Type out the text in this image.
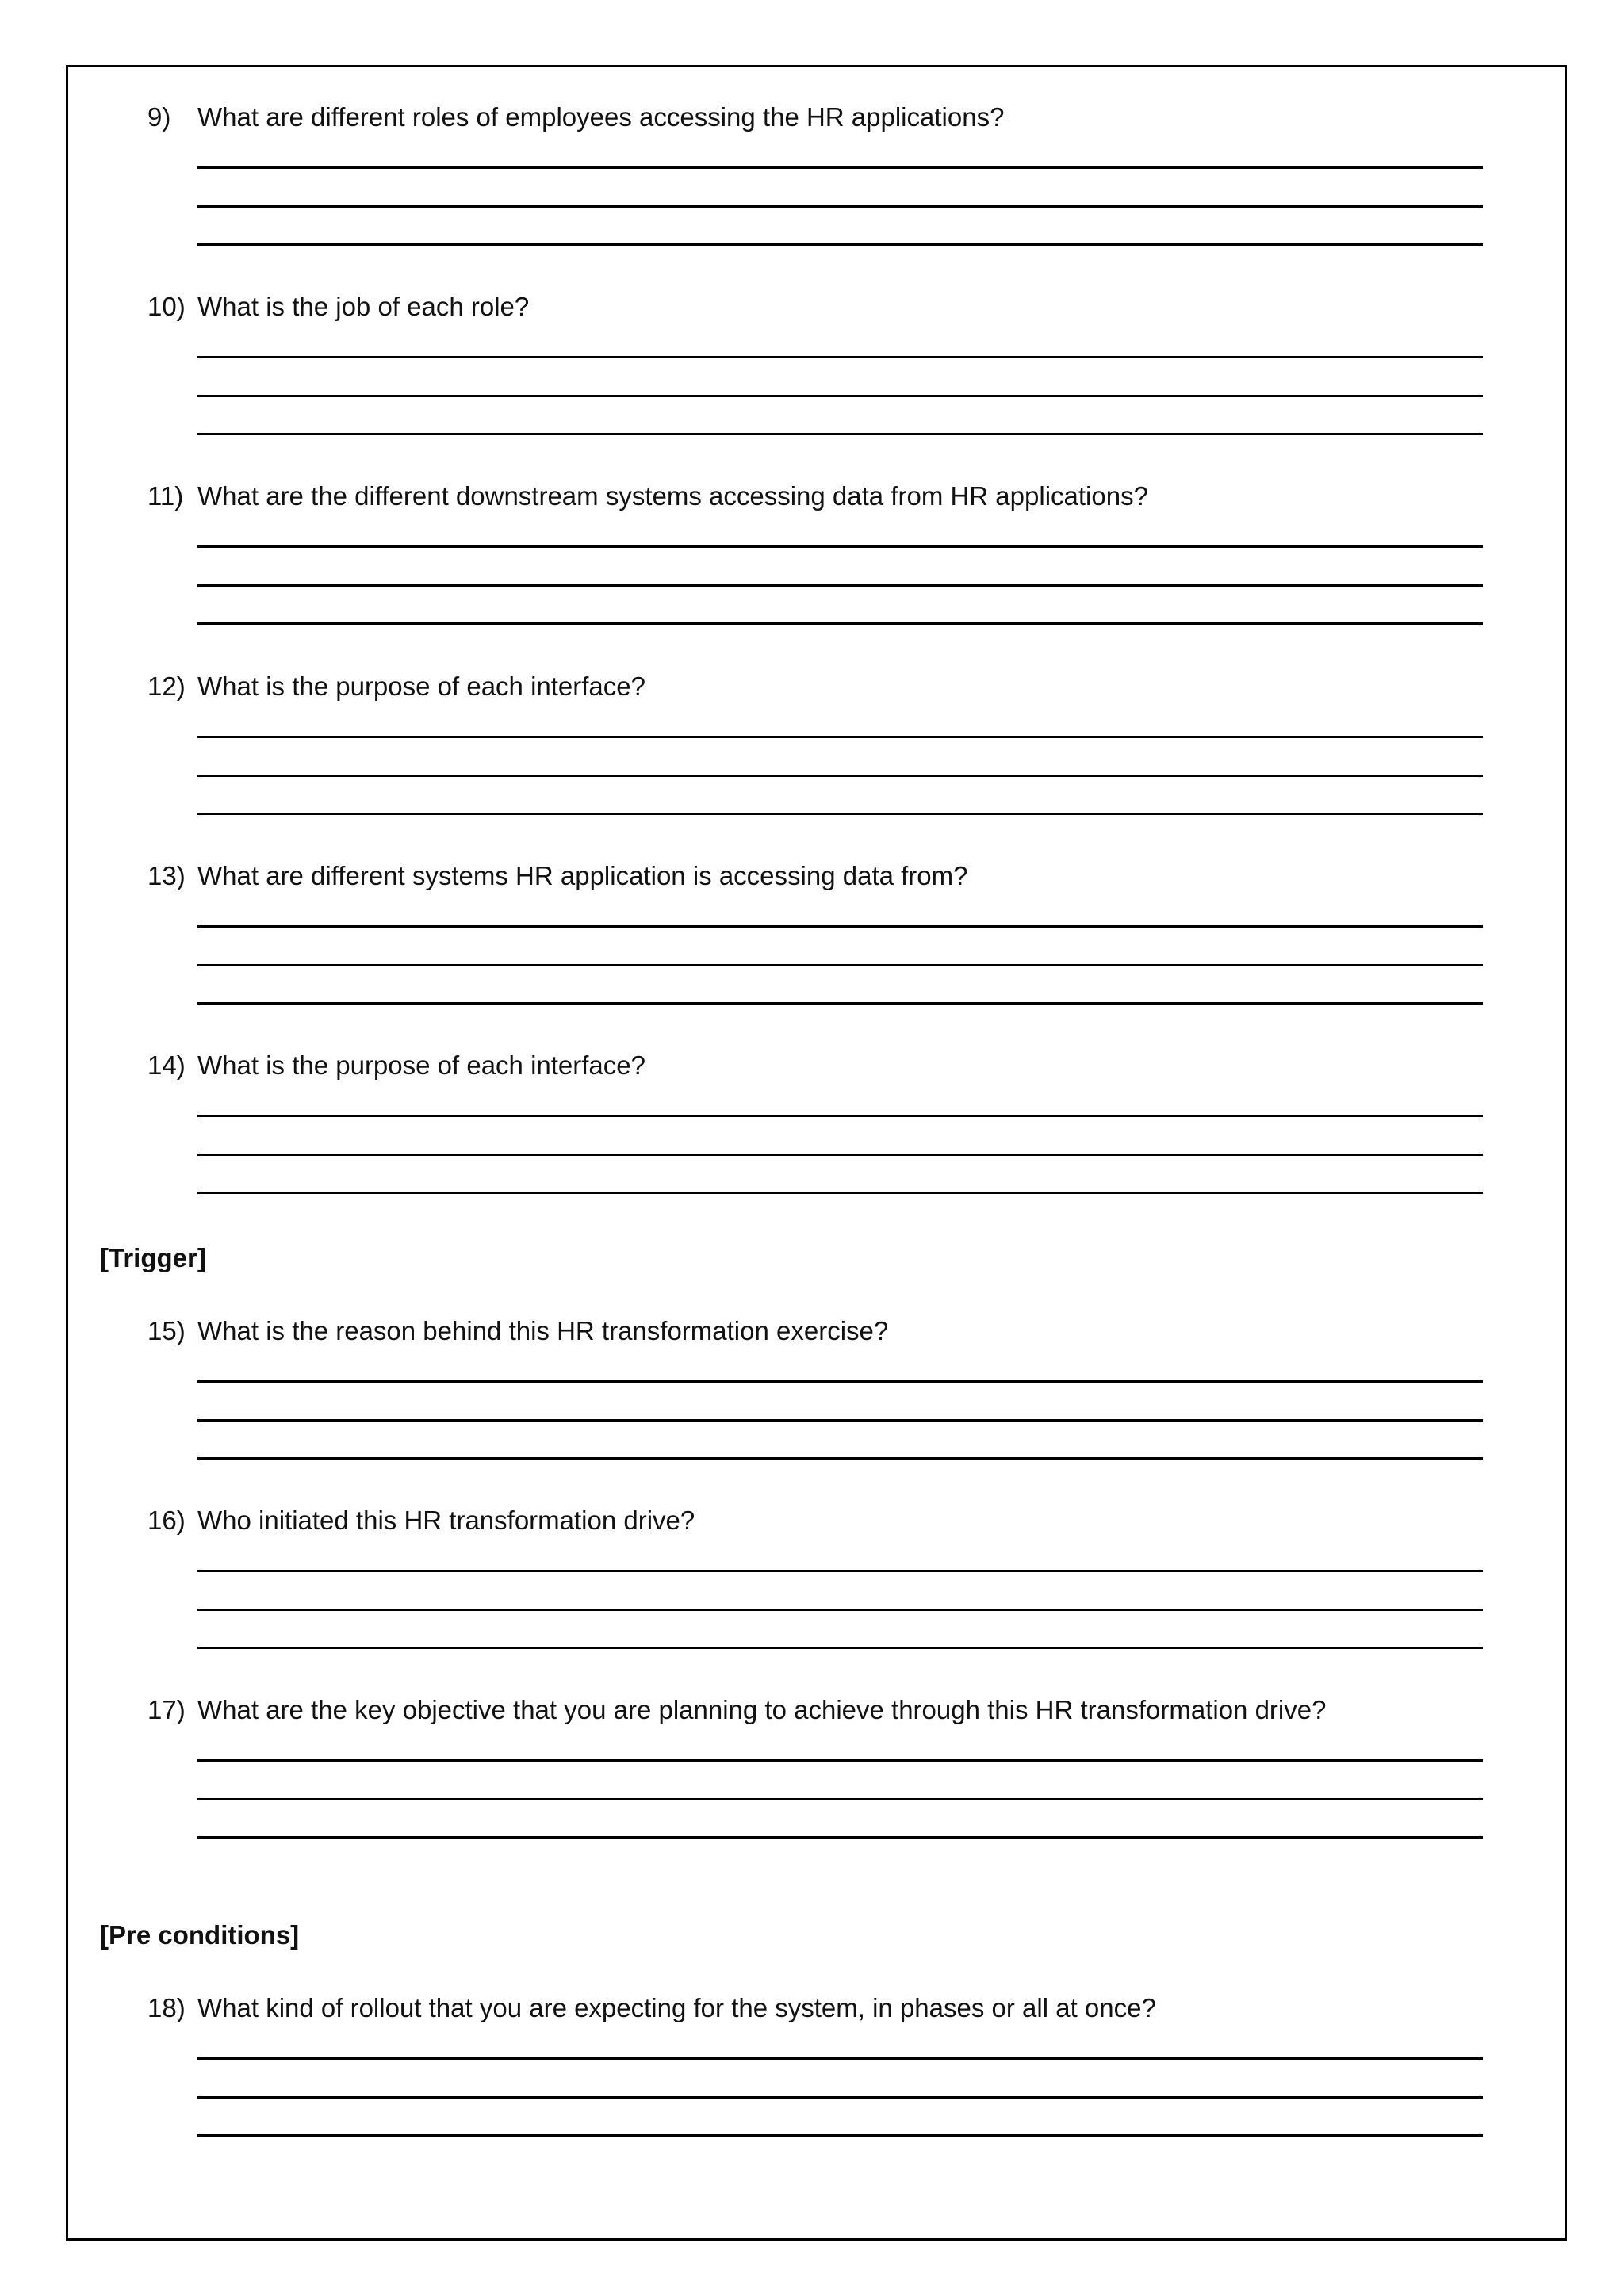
9) What are different roles of employees accessing the HR applications?
10) What is the job of each role?
11) What are the different downstream systems accessing data from HR applications?
12) What is the purpose of each interface?
13) What are different systems HR application is accessing data from?
14) What is the purpose of each interface?
[Trigger]
15) What is the reason behind this HR transformation exercise?
16) Who initiated this HR transformation drive?
17) What are the key objective that you are planning to achieve through this HR transformation drive?
[Pre conditions]
18) What kind of rollout that you are expecting for the system, in phases or all at once?
